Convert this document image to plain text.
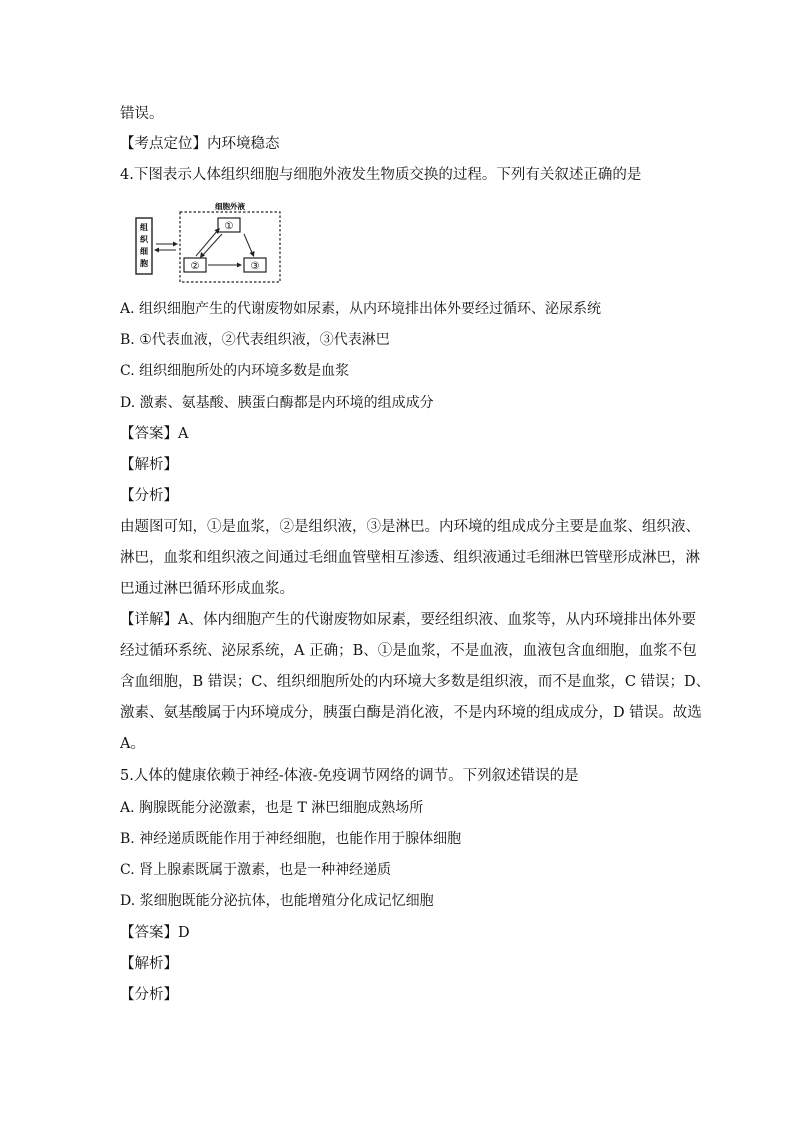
错误。
【考点定位】内环境稳态
4.下图表示人体组织细胞与细胞外液发生物质交换的过程。下列有关叙述正确的是
组
织
细
胞
细胞外液
①
②	③
A. 组织细胞产生的代谢废物如尿素，从内环境排出体外要经过循环、泌尿系统
B. ①代表血液，②代表组织液，③代表淋巴
C. 组织细胞所处的内环境多数是血浆
D. 激素、氨基酸、胰蛋白酶都是内环境的组成成分
【答案】A
【解析】
【分析】
由题图可知，①是血浆，②是组织液，③是淋巴。内环境的组成成分主要是血浆、组织液、
淋巴，血浆和组织液之间通过毛细血管壁相互渗透、组织液通过毛细淋巴管壁形成淋巴，淋
巴通过淋巴循环形成血浆。
【详解】A、体内细胞产生的代谢废物如尿素，要经组织液、血浆等，从内环境排出体外要
经过循环系统、泌尿系统，A 正确；B、①是血浆，不是血液，血液包含血细胞，血浆不包
含血细胞，B 错误；C、组织细胞所处的内环境大多数是组织液，而不是血浆，C 错误；D、
激素、氨基酸属于内环境成分，胰蛋白酶是消化液，不是内环境的组成成分，D 错误。故选
A。
5.人体的健康依赖于神经-体液-免疫调节网络的调节。下列叙述错误的是
A. 胸腺既能分泌激素，也是 T 淋巴细胞成熟场所
B. 神经递质既能作用于神经细胞，也能作用于腺体细胞
C. 肾上腺素既属于激素，也是一种神经递质
D. 浆细胞既能分泌抗体，也能增殖分化成记忆细胞
【答案】D
【解析】
【分析】
